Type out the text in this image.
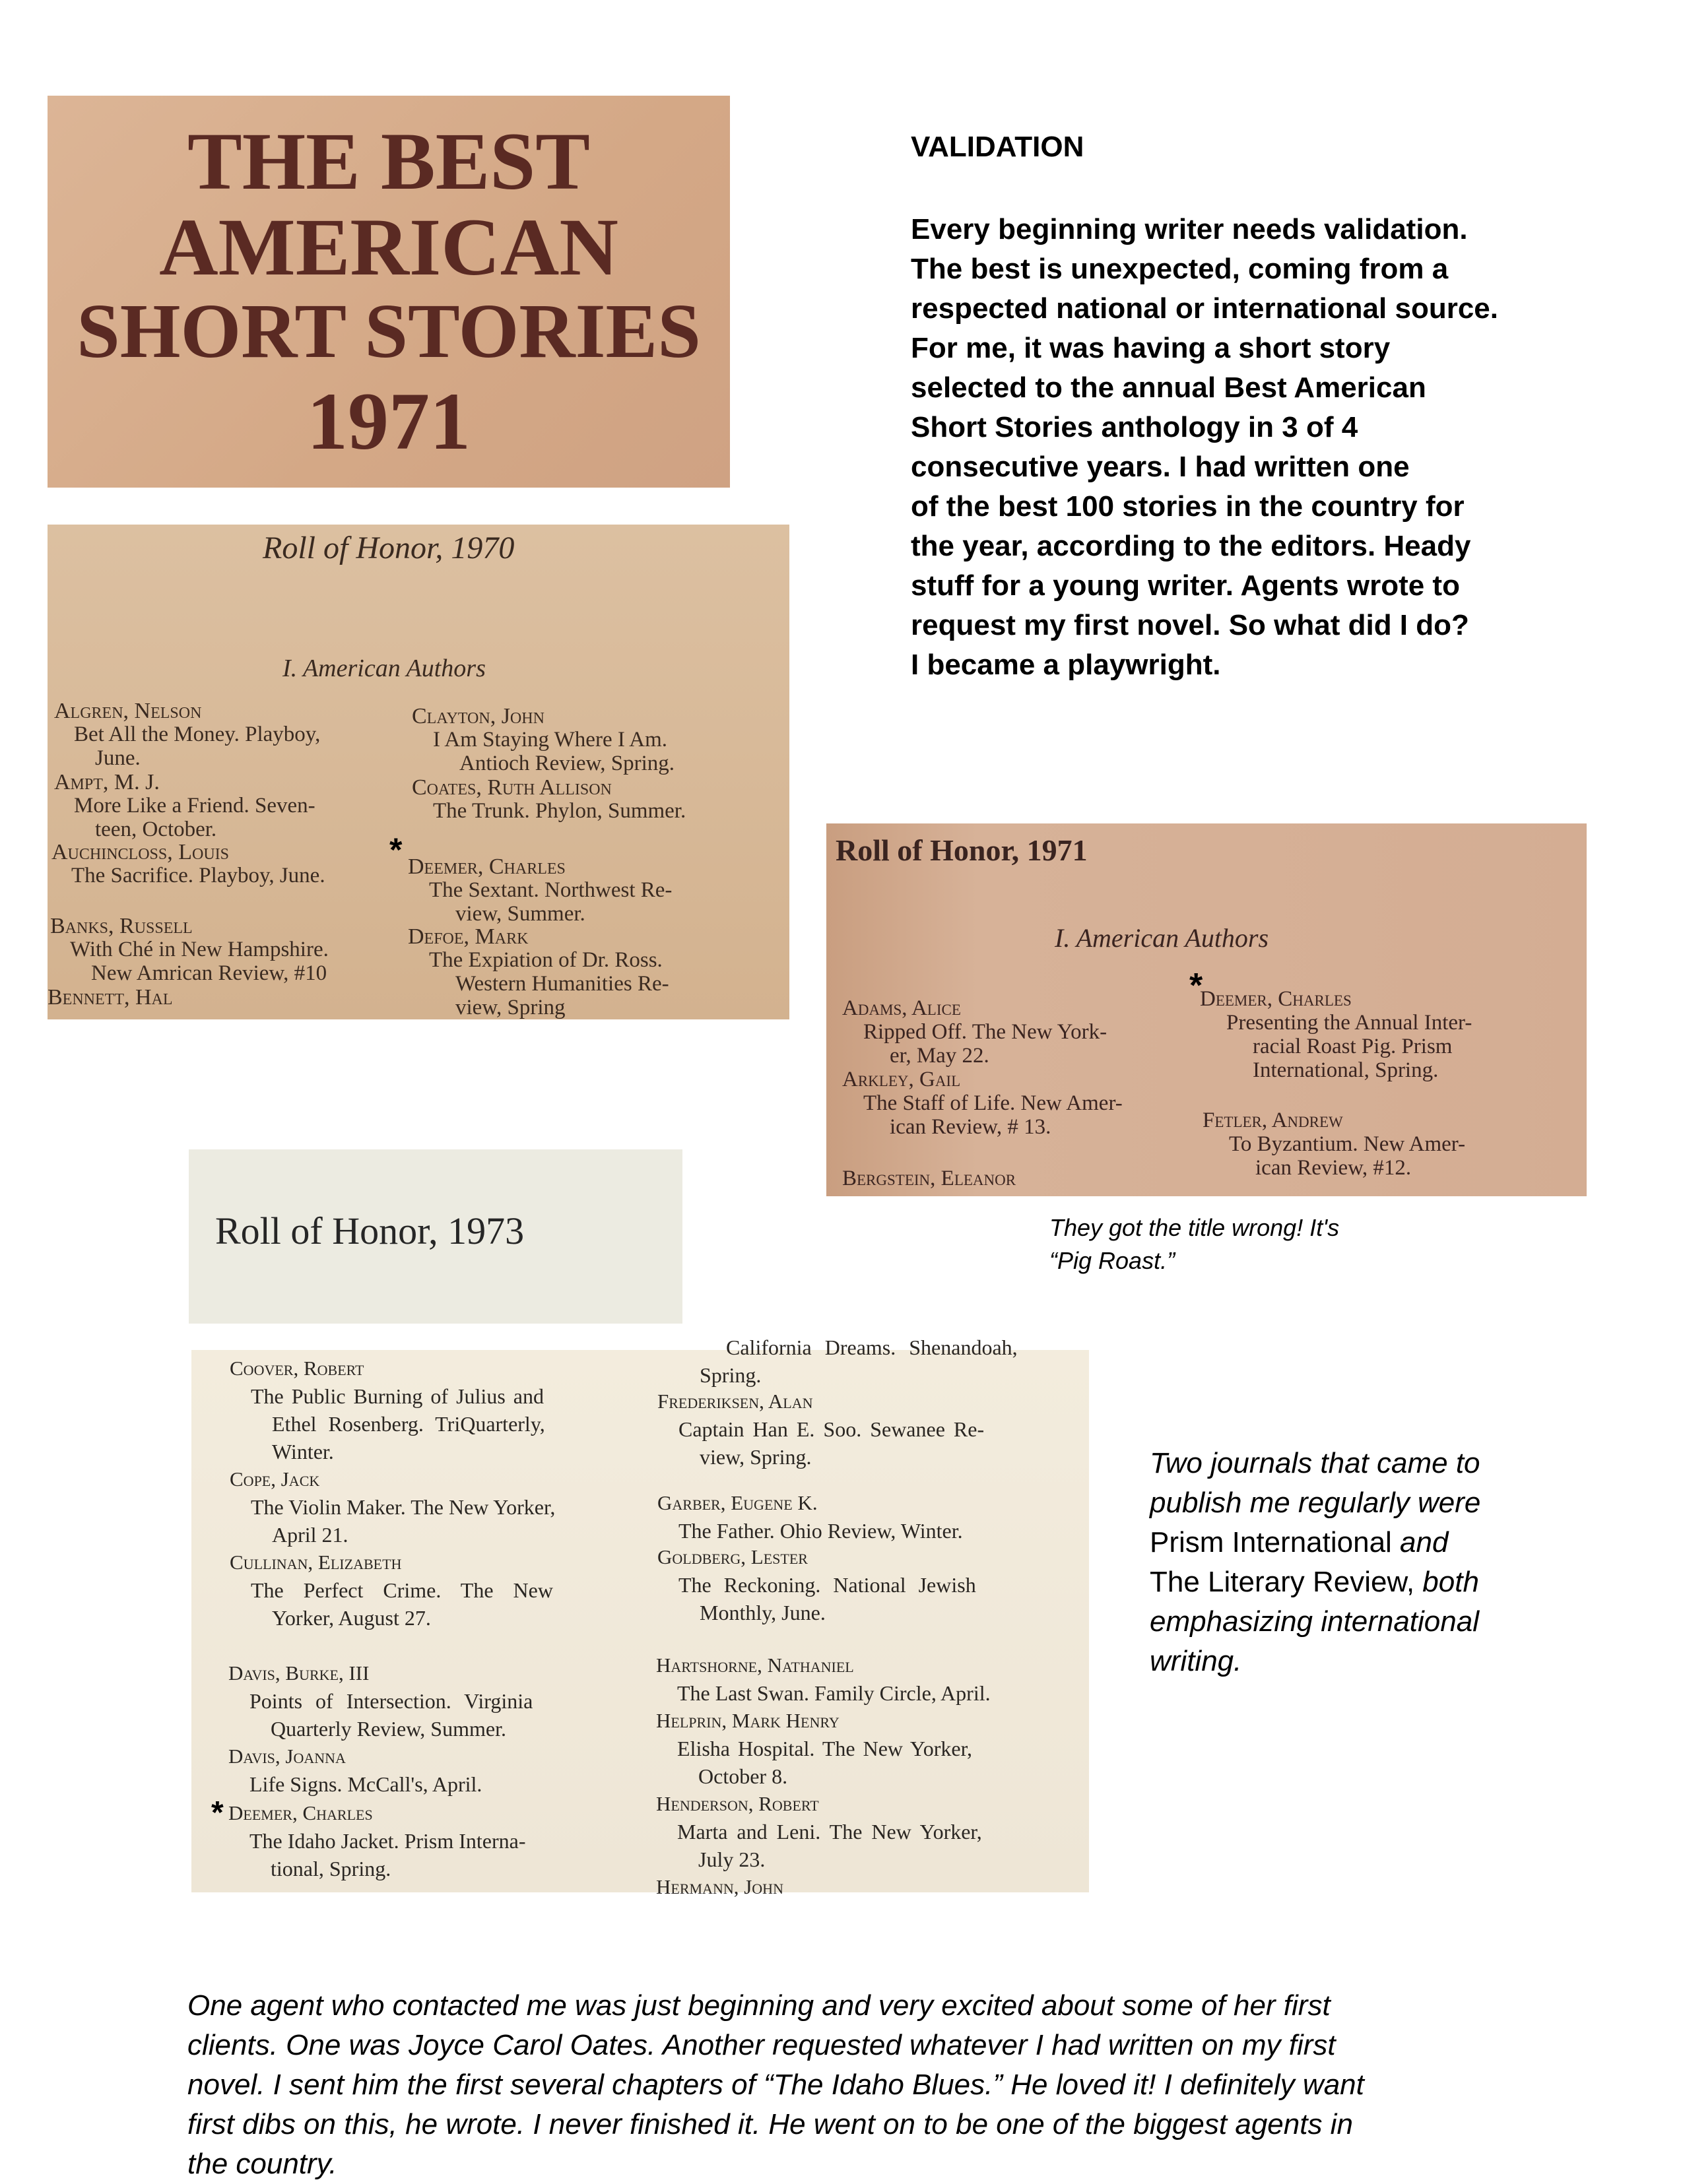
THE BEST
AMERICAN
SHORT STORIES
1971
Roll of Honor, 1970
I. American Authors
Algren, Nelson
Bet All the Money. Playboy,
June.
Ampt, M. J.
More Like a Friend. Seven-
teen, October.
Auchincloss, Louis
The Sacrifice. Playboy, June.
Banks, Russell
With Ché in New Hampshire.
New Amrican Review, #10
Bennett, Hal
Clayton, John
I Am Staying Where I Am.
Antioch Review, Spring.
Coates, Ruth Allison
The Trunk. Phylon, Summer.
* Deemer, Charles
The Sextant. Northwest Re-
view, Summer.
Defoe, Mark
The Expiation of Dr. Ross.
Western Humanities Re-
view, Spring
Roll of Honor, 1971
I. American Authors
Adams, Alice
Ripped Off. The New York-
er, May 22.
Arkley, Gail
The Staff of Life. New Amer-
ican Review, # 13.
Bergstein, Eleanor
*
Deemer, Charles
Presenting the Annual Inter-
racial Roast Pig. Prism
International, Spring.
Fetler, Andrew
To Byzantium. New Amer-
ican Review, #12.
Roll of Honor, 1973
Coover, Robert
The Public Burning of Julius and
Ethel Rosenberg. TriQuarterly,
Winter.
Cope, Jack
The Violin Maker. The New Yorker,
April 21.
Cullinan, Elizabeth
The Perfect Crime. The New
Yorker, August 27.
Davis, Burke, III
Points of Intersection. Virginia
Quarterly Review, Summer.
Davis, Joanna
Life Signs. McCall's, April.
* Deemer, Charles
The Idaho Jacket. Prism Interna-
tional, Spring.
California Dreams. Shenandoah,
Spring.
Frederiksen, Alan
Captain Han E. Soo. Sewanee Re-
view, Spring.
Garber, Eugene K.
The Father. Ohio Review, Winter.
Goldberg, Lester
The Reckoning. National Jewish
Monthly, June.
Hartshorne, Nathaniel
The Last Swan. Family Circle, April.
Helprin, Mark Henry
Elisha Hospital. The New Yorker,
October 8.
Henderson, Robert
Marta and Leni. The New Yorker,
July 23.
Hermann, John
VALIDATION
Every beginning writer needs validation.
The best is unexpected, coming from a
respected national or international source.
For me, it was having a short story
selected to the annual Best American
Short Stories anthology in 3 of 4
consecutive years. I had written one
of the best 100 stories in the country for
the year, according to the editors. Heady
stuff for a young writer. Agents wrote to
request my first novel. So what did I do?
I became a playwright.
They got the title wrong! It's
“Pig Roast.”
Two journals that came to
publish me regularly were
Prism International and
The Literary Review, both
emphasizing international
writing.
One agent who contacted me was just beginning and very excited about some of her first
clients. One was Joyce Carol Oates. Another requested whatever I had written on my first
novel. I sent him the first several chapters of “The Idaho Blues.” He loved it! I definitely want
first dibs on this, he wrote. I never finished it. He went on to be one of the biggest agents in
the country.
